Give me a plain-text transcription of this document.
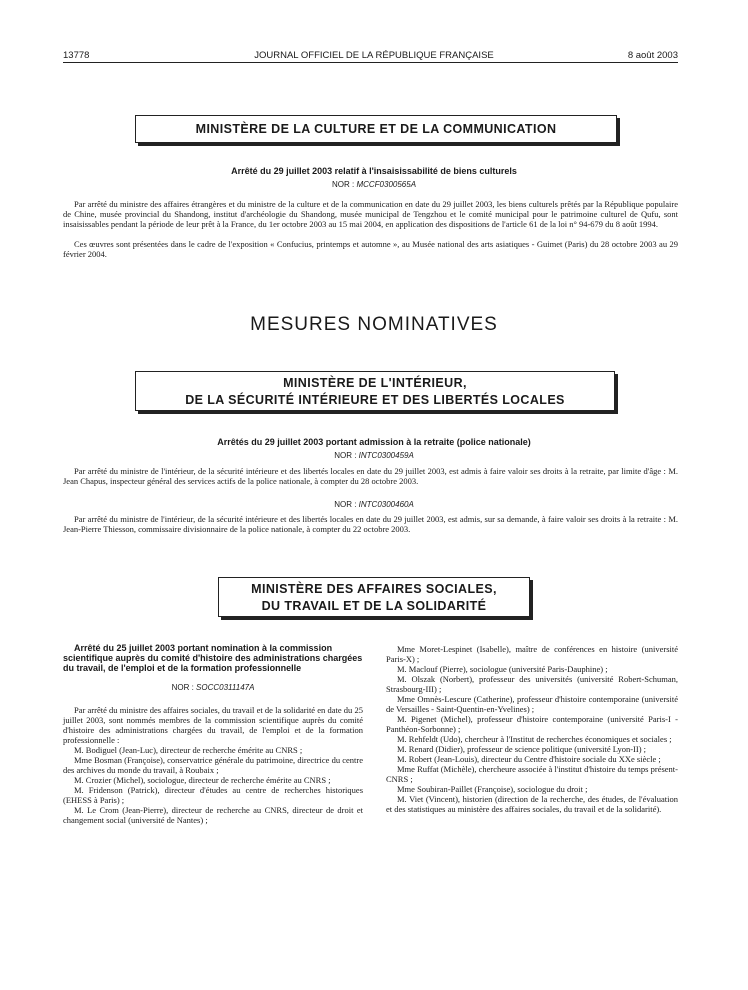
13778	JOURNAL OFFICIEL DE LA RÉPUBLIQUE FRANÇAISE	8 août 2003
MINISTÈRE DE LA CULTURE ET DE LA COMMUNICATION
Arrêté du 29 juillet 2003 relatif à l'insaisissabilité de biens culturels
NOR : MCCF0300565A

Par arrêté du ministre des affaires étrangères et du ministre de la culture et de la communication en date du 29 juillet 2003, les biens culturels prêtés par la République populaire de Chine, musée provincial du Shandong, institut d'archéologie du Shandong, musée municipal de Tengzhou et le comité municipal pour le patrimoine culturel de Qufu, sont insaisissables pendant la période de leur prêt à la France, du 1er octobre 2003 au 15 mai 2004, en application des dispositions de l'article 61 de la loi n° 94-679 du 8 août 1994.

Ces œuvres sont présentées dans le cadre de l'exposition « Confucius, printemps et automne », au Musée national des arts asiatiques - Guimet (Paris) du 28 octobre 2003 au 29 février 2004.

MESURES NOMINATIVES
MINISTÈRE DE L'INTÉRIEUR,
DE LA SÉCURITÉ INTÉRIEURE ET DES LIBERTÉS LOCALES
Arrêtés du 29 juillet 2003 portant admission à la retraite (police nationale)
NOR : INTC0300459A

Par arrêté du ministre de l'intérieur, de la sécurité intérieure et des libertés locales en date du 29 juillet 2003, est admis à faire valoir ses droits à la retraite, par limite d'âge : M. Jean Chapus, inspecteur général des services actifs de la police nationale, à compter du 28 octobre 2003.

NOR : INTC0300460A

Par arrêté du ministre de l'intérieur, de la sécurité intérieure et des libertés locales en date du 29 juillet 2003, est admis, sur sa demande, à faire valoir ses droits à la retraite : M. Jean-Pierre Thiesson, commissaire divisionnaire de la police nationale, à compter du 22 octobre 2003.

MINISTÈRE DES AFFAIRES SOCIALES,
DU TRAVAIL ET DE LA SOLIDARITÉ

Arrêté du 25 juillet 2003 portant nomination à la commission scientifique auprès du comité d'histoire des administrations chargées du travail, de l'emploi et de la formation professionnelle

NOR : SOCC0311147A

Par arrêté du ministre des affaires sociales, du travail et de la solidarité en date du 25 juillet 2003, sont nommés membres de la commission scientifique auprès du comité d'histoire des administrations chargées du travail, de l'emploi et de la formation professionnelle :

M. Bodiguel (Jean-Luc), directeur de recherche émérite au CNRS ;

Mme Bosman (Françoise), conservatrice générale du patrimoine, directrice du centre des archives du monde du travail, à Roubaix ;

M. Crozier (Michel), sociologue, directeur de recherche émérite au CNRS ;

M. Fridenson (Patrick), directeur d'études au centre de recherches historiques (EHESS à Paris) ;

M. Le Crom (Jean-Pierre), directeur de recherche au CNRS, directeur de droit et changement social (université de Nantes) ;

Mme Moret-Lespinet (Isabelle), maître de conférences en histoire (université Paris-X) ;

M. Maclouf (Pierre), sociologue (université Paris-Dauphine) ;

M. Olszak (Norbert), professeur des universités (université Robert-Schuman, Strasbourg-III) ;

Mme Omnès-Lescure (Catherine), professeur d'histoire contemporaine (université de Versailles - Saint-Quentin-en-Yvelines) ;

M. Pigenet (Michel), professeur d'histoire contemporaine (université Paris-I - Panthéon-Sorbonne) ;

M. Rehfeldt (Udo), chercheur à l'Institut de recherches économiques et sociales ;

M. Renard (Didier), professeur de science politique (université Lyon-II) ;

M. Robert (Jean-Louis), directeur du Centre d'histoire sociale du XXe siècle ;

Mme Ruffat (Michèle), chercheure associée à l'institut d'histoire du temps présent-CNRS ;

Mme Soubiran-Paillet (Françoise), sociologue du droit ;

M. Viet (Vincent), historien (direction de la recherche, des études, de l'évaluation et des statistiques au ministère des affaires sociales, du travail et de la solidarité).
